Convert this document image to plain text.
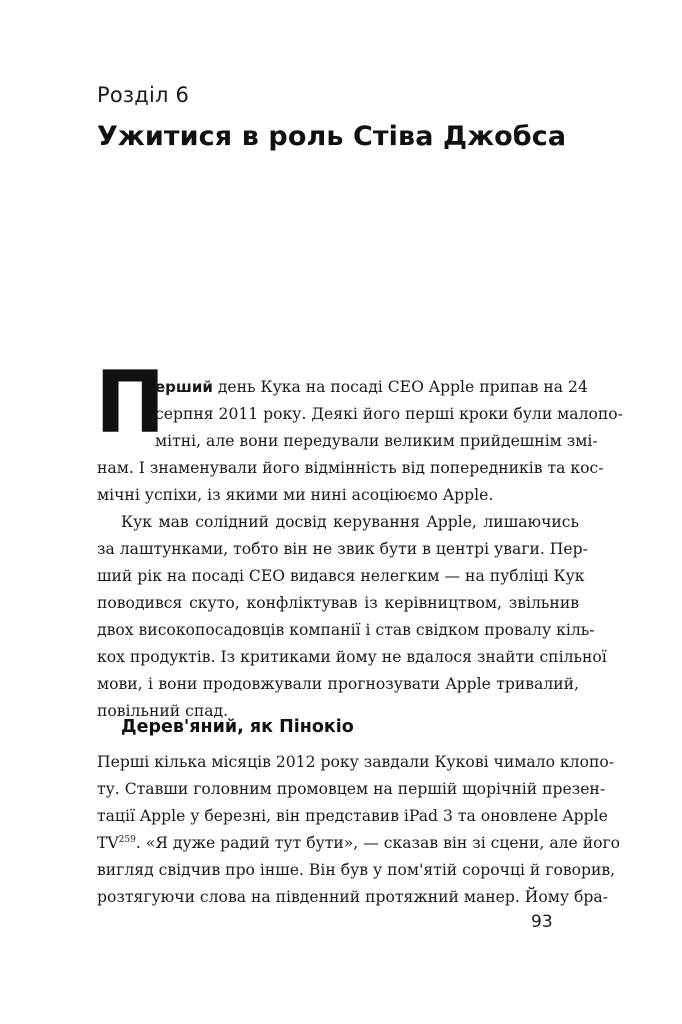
Розділ 6
Ужитися в роль Стіва Джобса
П
ерший день Кука на посаді CEO Apple припав на 24
серпня 2011 року. Деякі його перші кроки були малопо-
мітні, але вони передували великим прийдешнім змі-
нам. І знаменували його відмінність від попередників та кос-
мічні успіхи, із якими ми нині асоціюємо Apple.
Кук мав солідний досвід керування Apple, лишаючись
за лаштунками, тобто він не звик бути в центрі уваги. Пер-
ший рік на посаді CEO видався нелегким — на публіці Кук
поводився скуто, конфліктував із керівництвом, звільнив
двох високопосадовців компанії і став свідком провалу кіль-
кох продуктів. Із критиками йому не вдалося знайти спільної
мови, і вони продовжували прогнозувати Apple тривалий,
повільний спад.
Дерев'яний, як Пінокіо
Перші кілька місяців 2012 року завдали Кукові чимало клопо-
ту. Ставши головним промовцем на першій щорічній презен-
тації Apple у березні, він представив iPad 3 та оновлене Apple
TV$^{259}$. «Я дуже радий тут бути», — сказав він зі сцени, але його
вигляд свідчив про інше. Він був у пом'ятій сорочці й говорив,
розтягуючи слова на південний протяжний манер. Йому бра-
93
